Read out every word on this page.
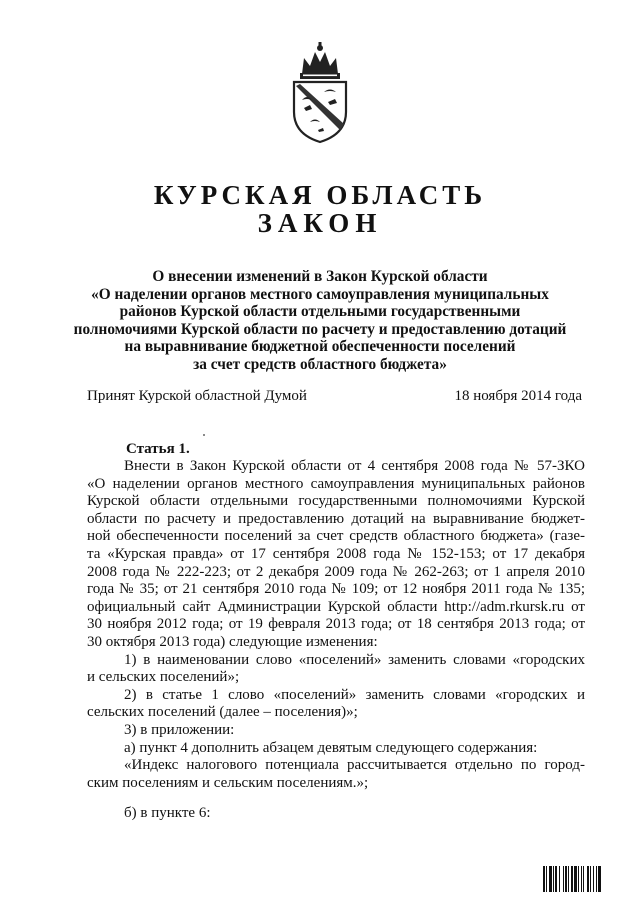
КУРСКАЯ ОБЛАСТЬ
ЗАКОН
О внесении изменений в Закон Курской области
«О наделении органов местного самоуправления муниципальных
районов Курской области отдельными государственными
полномочиями Курской области по расчету и предоставлению дотаций
на выравнивание бюджетной обеспеченности поселений
за счет средств областного бюджета»
Принят Курской областной Думой	18 ноября 2014 года
Статья 1.
Внести в Закон Курской области от 4 сентября 2008 года № 57-ЗКО
«О наделении органов местного самоуправления муниципальных районов
Курской области отдельными государственными полномочиями Курской
области по расчету и предоставлению дотаций на выравнивание бюджет-
ной обеспеченности поселений за счет средств областного бюджета» (газе-
та «Курская правда» от 17 сентября 2008 года № 152-153; от 17 декабря
2008 года № 222-223; от 2 декабря 2009 года № 262-263; от 1 апреля 2010
года № 35; от 21 сентября 2010 года № 109; от 12 ноября 2011 года № 135;
официальный сайт Администрации Курской области http://adm.rkursk.ru от
30 ноября 2012 года; от 19 февраля 2013 года; от 18 сентября 2013 года; от
30 октября 2013 года) следующие изменения:
1) в наименовании слово «поселений» заменить словами «городских
и сельских поселений»;
2) в статье 1 слово «поселений» заменить словами «городских и
сельских поселений (далее – поселения)»;
3) в приложении:
а) пункт 4 дополнить абзацем девятым следующего содержания:
«Индекс налогового потенциала рассчитывается отдельно по город-
ским поселениям и сельским поселениям.»;
б) в пункте 6:
